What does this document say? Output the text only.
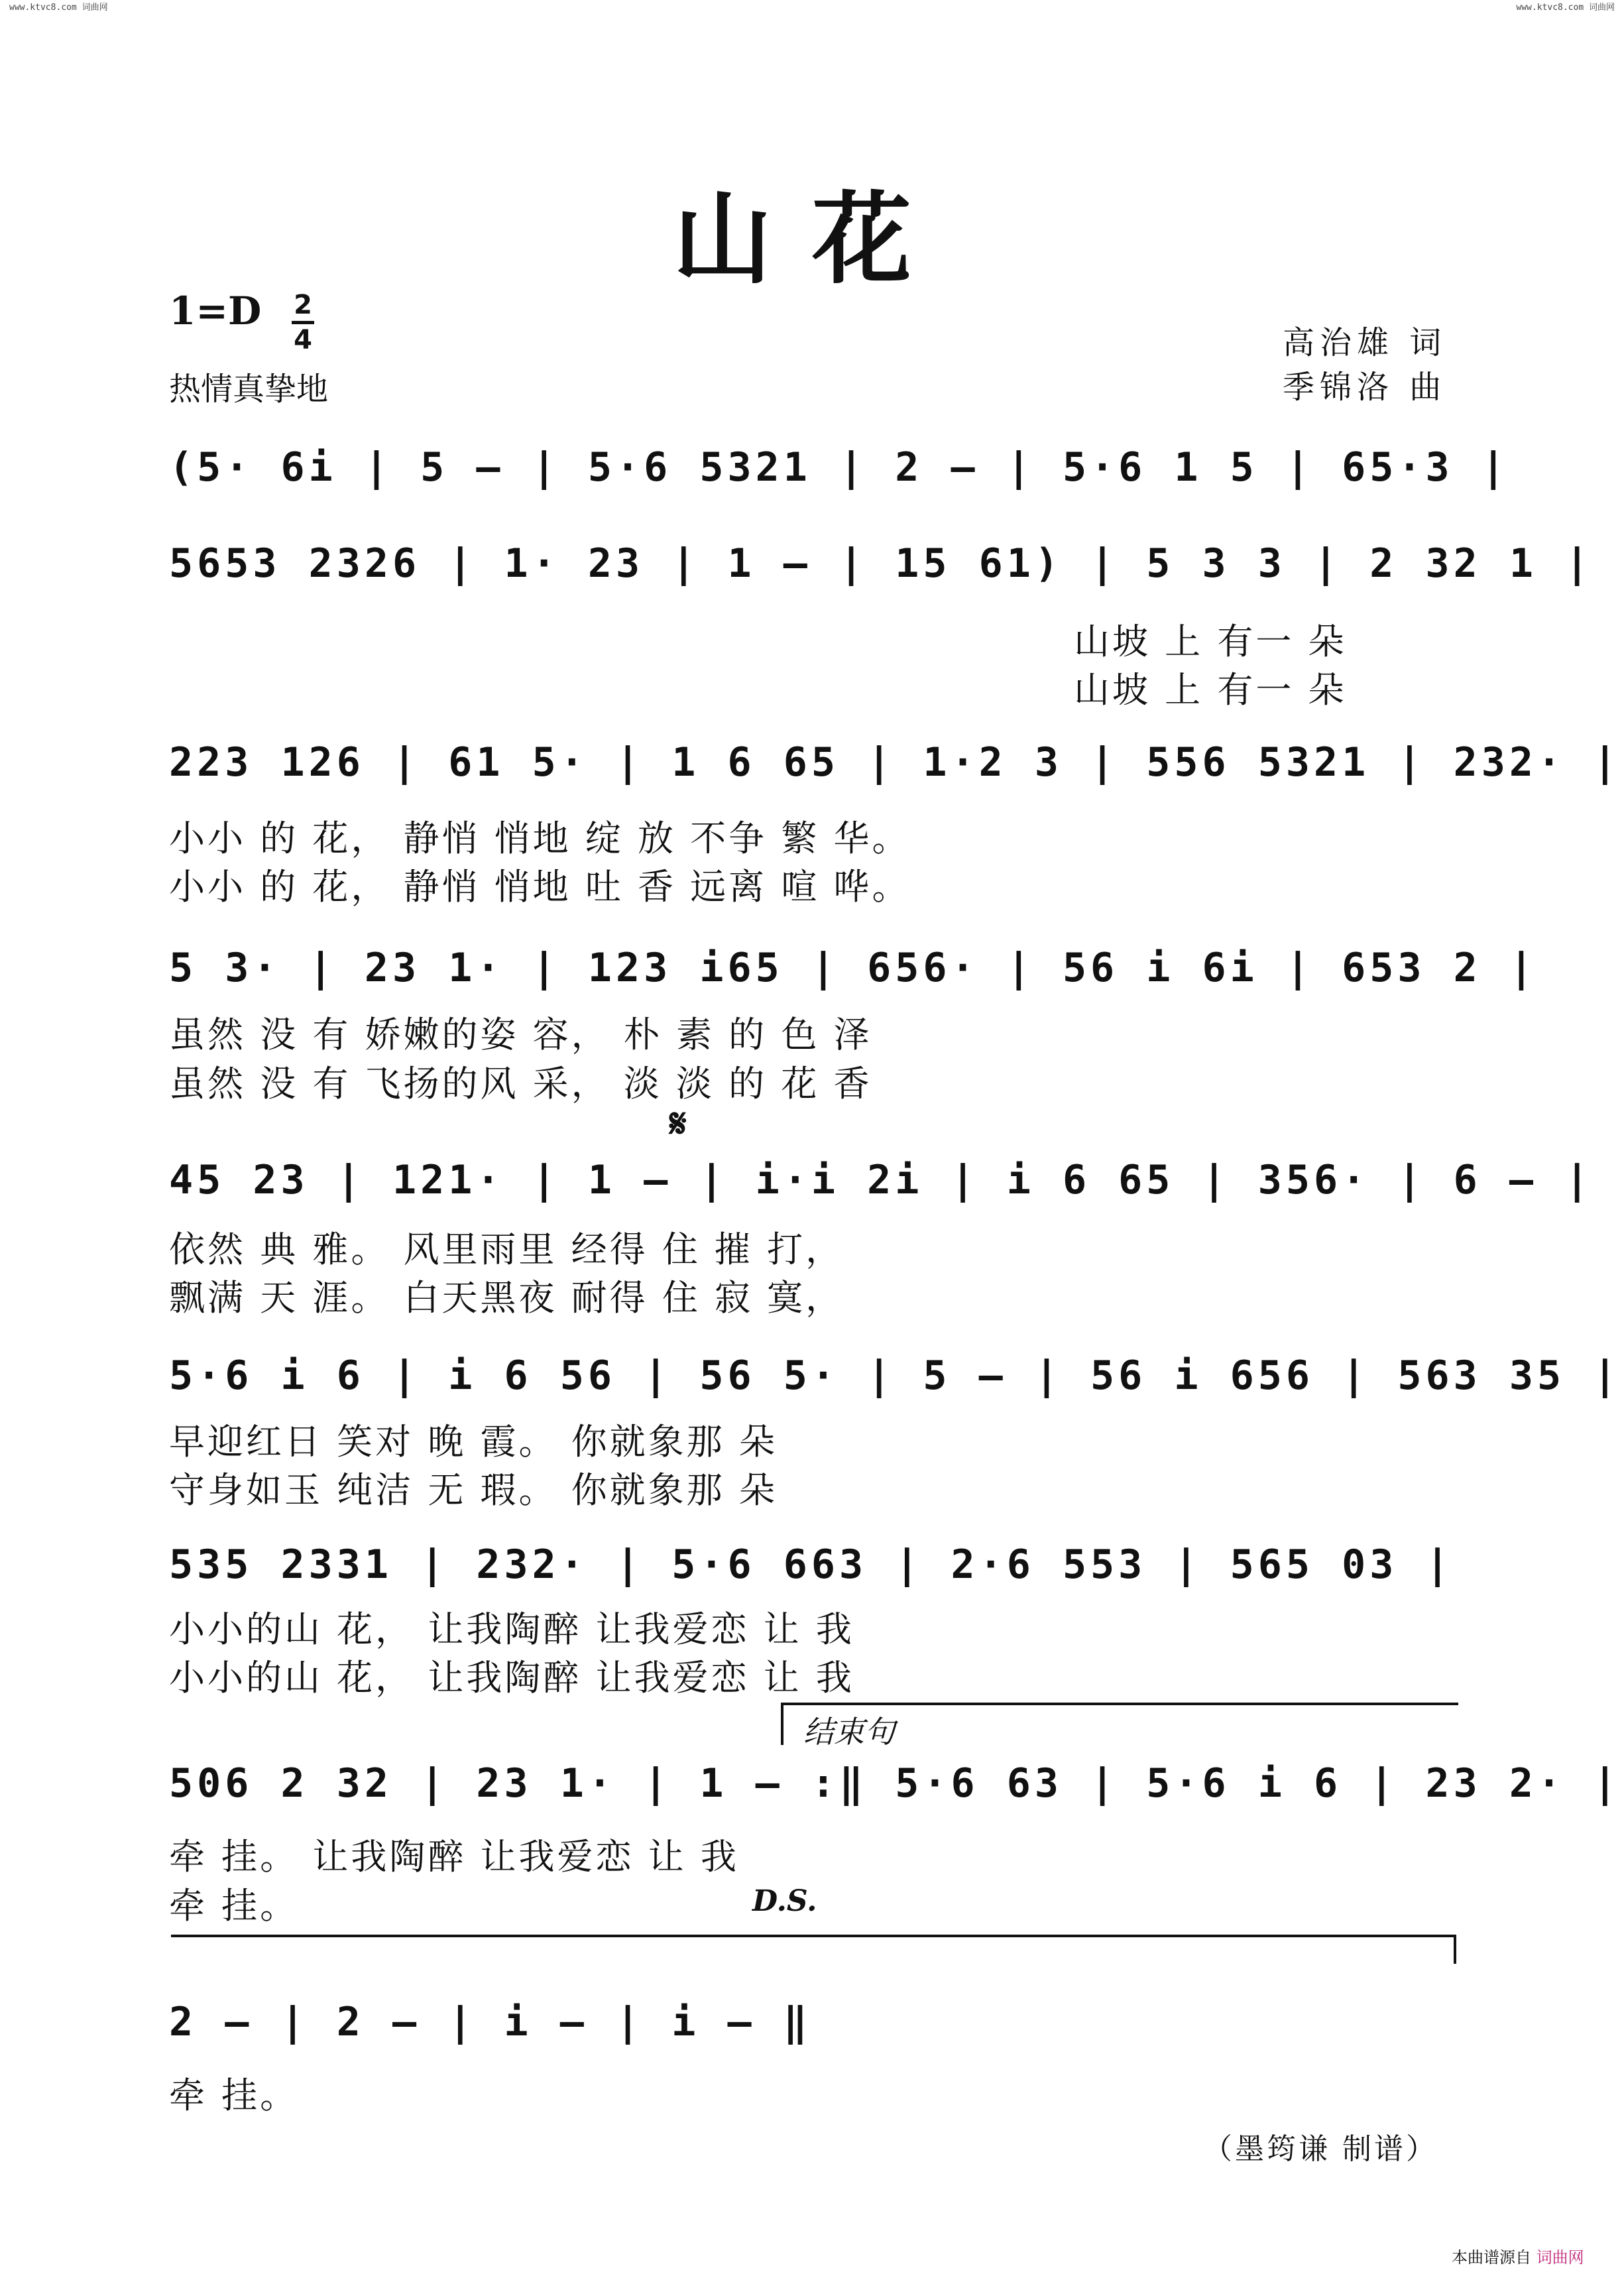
www.ktvc8.com 词曲网	www.ktvc8.com 词曲网
山花
1=D 2
4
热情真挚地
高治雄 词
季锦洛 曲
(5· 6i | 5 – | 5·6 5321 | 2 – | 5·6 1 5 | 65·3 |
5653 2326 | 1· 23 | 1 – | 15 61) | 5 3 3 | 2 32 1 |
山坡 上 有一 朵
山坡 上 有一 朵
223 126 | 61 5· | 1 6 65 | 1·2 3 | 556 5321 | 232· |
小小 的 花， 静悄 悄地 绽 放 不争 繁 华。
小小 的 花， 静悄 悄地 吐 香 远离 喧 哗。
5 3· | 23 1· | 123 i65 | 656· | 56 i 6i | 653 2 |
虽然 没 有 娇嫩的姿 容， 朴 素 的 色 泽
虽然 没 有 飞扬的风 采， 淡 淡 的 花 香
𝄋
45 23 | 121· | 1 – | i·i 2i | i 6 65 | 356· | 6 – |
依然 典 雅。 风里雨里 经得 住 摧 打，
飘满 天 涯。 白天黑夜 耐得 住 寂 寞，
5·6 i 6 | i 6 56 | 56 5· | 5 – | 56 i 656 | 563 35 |
早迎红日 笑对 晚 霞。 你就象那 朵
守身如玉 纯洁 无 瑕。 你就象那 朵
535 2331 | 232· | 5·6 663 | 2·6 553 | 565 03 |
小小的山 花， 让我陶醉 让我爱恋 让 我
小小的山 花， 让我陶醉 让我爱恋 让 我
结束句
506 2 32 | 23 1· | 1 – :‖ 5·6 63 | 5·6 i 6 | 23 2· |
牵 挂。 让我陶醉 让我爱恋 让 我
牵 挂。	D.S.
2 – | 2 – | i – | i – ‖
牵 挂。
（墨筠谦 制谱）
本曲谱源自 词曲网
